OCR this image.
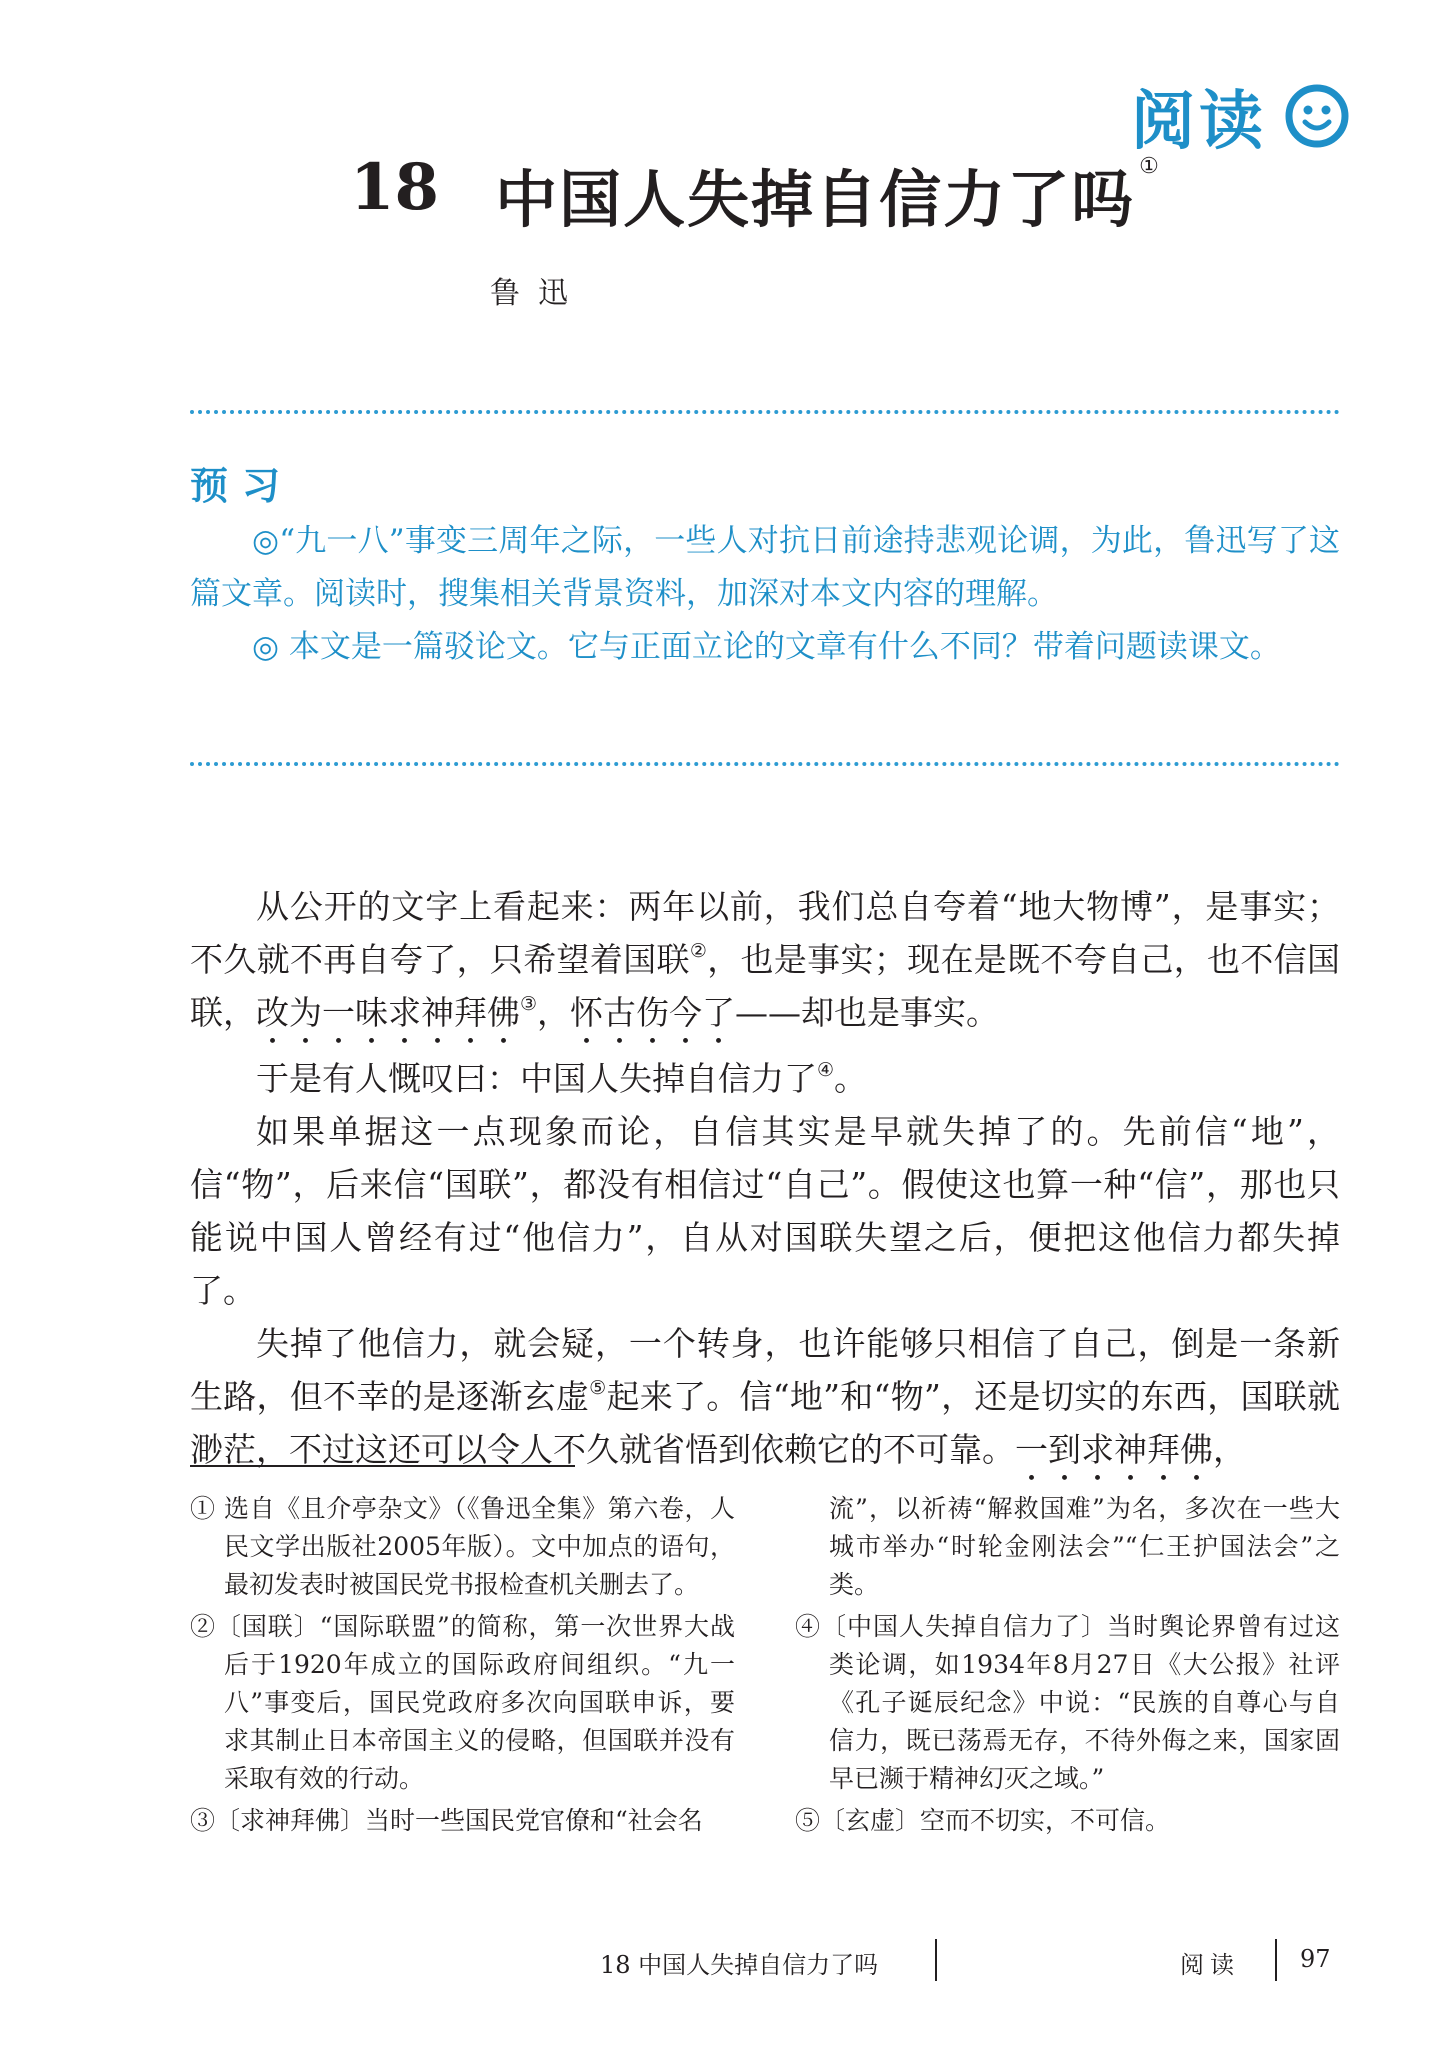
阅读
18 中国人失掉自信力了吗 ①
鲁迅
预习

◎“九一八”事变三周年之际，一些人对抗日前途持悲观论调，为此，鲁迅写了这篇文章。阅读时，搜集相关背景资料，加深对本文内容的理解。

◎ 本文是一篇驳论文。它与正面立论的文章有什么不同？带着问题读课文。

从公开的文字上看起来：两年以前，我们总自夸着“地大物博”，是事实；不久就不再自夸了，只希望着国联②，也是事实；现在是既不夸自己，也不信国联，改为一味求神拜佛③，怀古伤今了——却也是事实。

于是有人慨叹曰：中国人失掉自信力了④。

如果单据这一点现象而论，自信其实是早就失掉了的。先前信“地”，信“物”，后来信“国联”，都没有相信过“自己”。假使这也算一种“信”，那也只能说中国人曾经有过“他信力”，自从对国联失望之后，便把这他信力都失掉了。

失掉了他信力，就会疑，一个转身，也许能够只相信了自己，倒是一条新生路，但不幸的是逐渐玄虚⑤起来了。信“地”和“物”，还是切实的东西，国联就渺茫，不过这还可以令人不久就省悟到依赖它的不可靠。一到求神拜佛，

① 选自《且介亭杂文》（《鲁迅全集》第六卷，人民文学出版社2005年版）。文中加点的语句，最初发表时被国民党书报检查机关删去了。

②〔国联〕“国际联盟”的简称，第一次世界大战后于1920年成立的国际政府间组织。“九一八”事变后，国民党政府多次向国联申诉，要求其制止日本帝国主义的侵略，但国联并没有采取有效的行动。

③〔求神拜佛〕当时一些国民党官僚和“社会名

流”，以祈祷“解救国难”为名，多次在一些大城市举办“时轮金刚法会”“仁王护国法会”之类。

④〔中国人失掉自信力了〕当时舆论界曾有过这类论调，如1934年8月27日《大公报》社评《孔子诞辰纪念》中说：“民族的自尊心与自信力，既已荡焉无存，不待外侮之来，国家固早已濒于精神幻灭之域。”

⑤〔玄虚〕空而不切实，不可信。

18 中国人失掉自信力了吗	阅读	97
